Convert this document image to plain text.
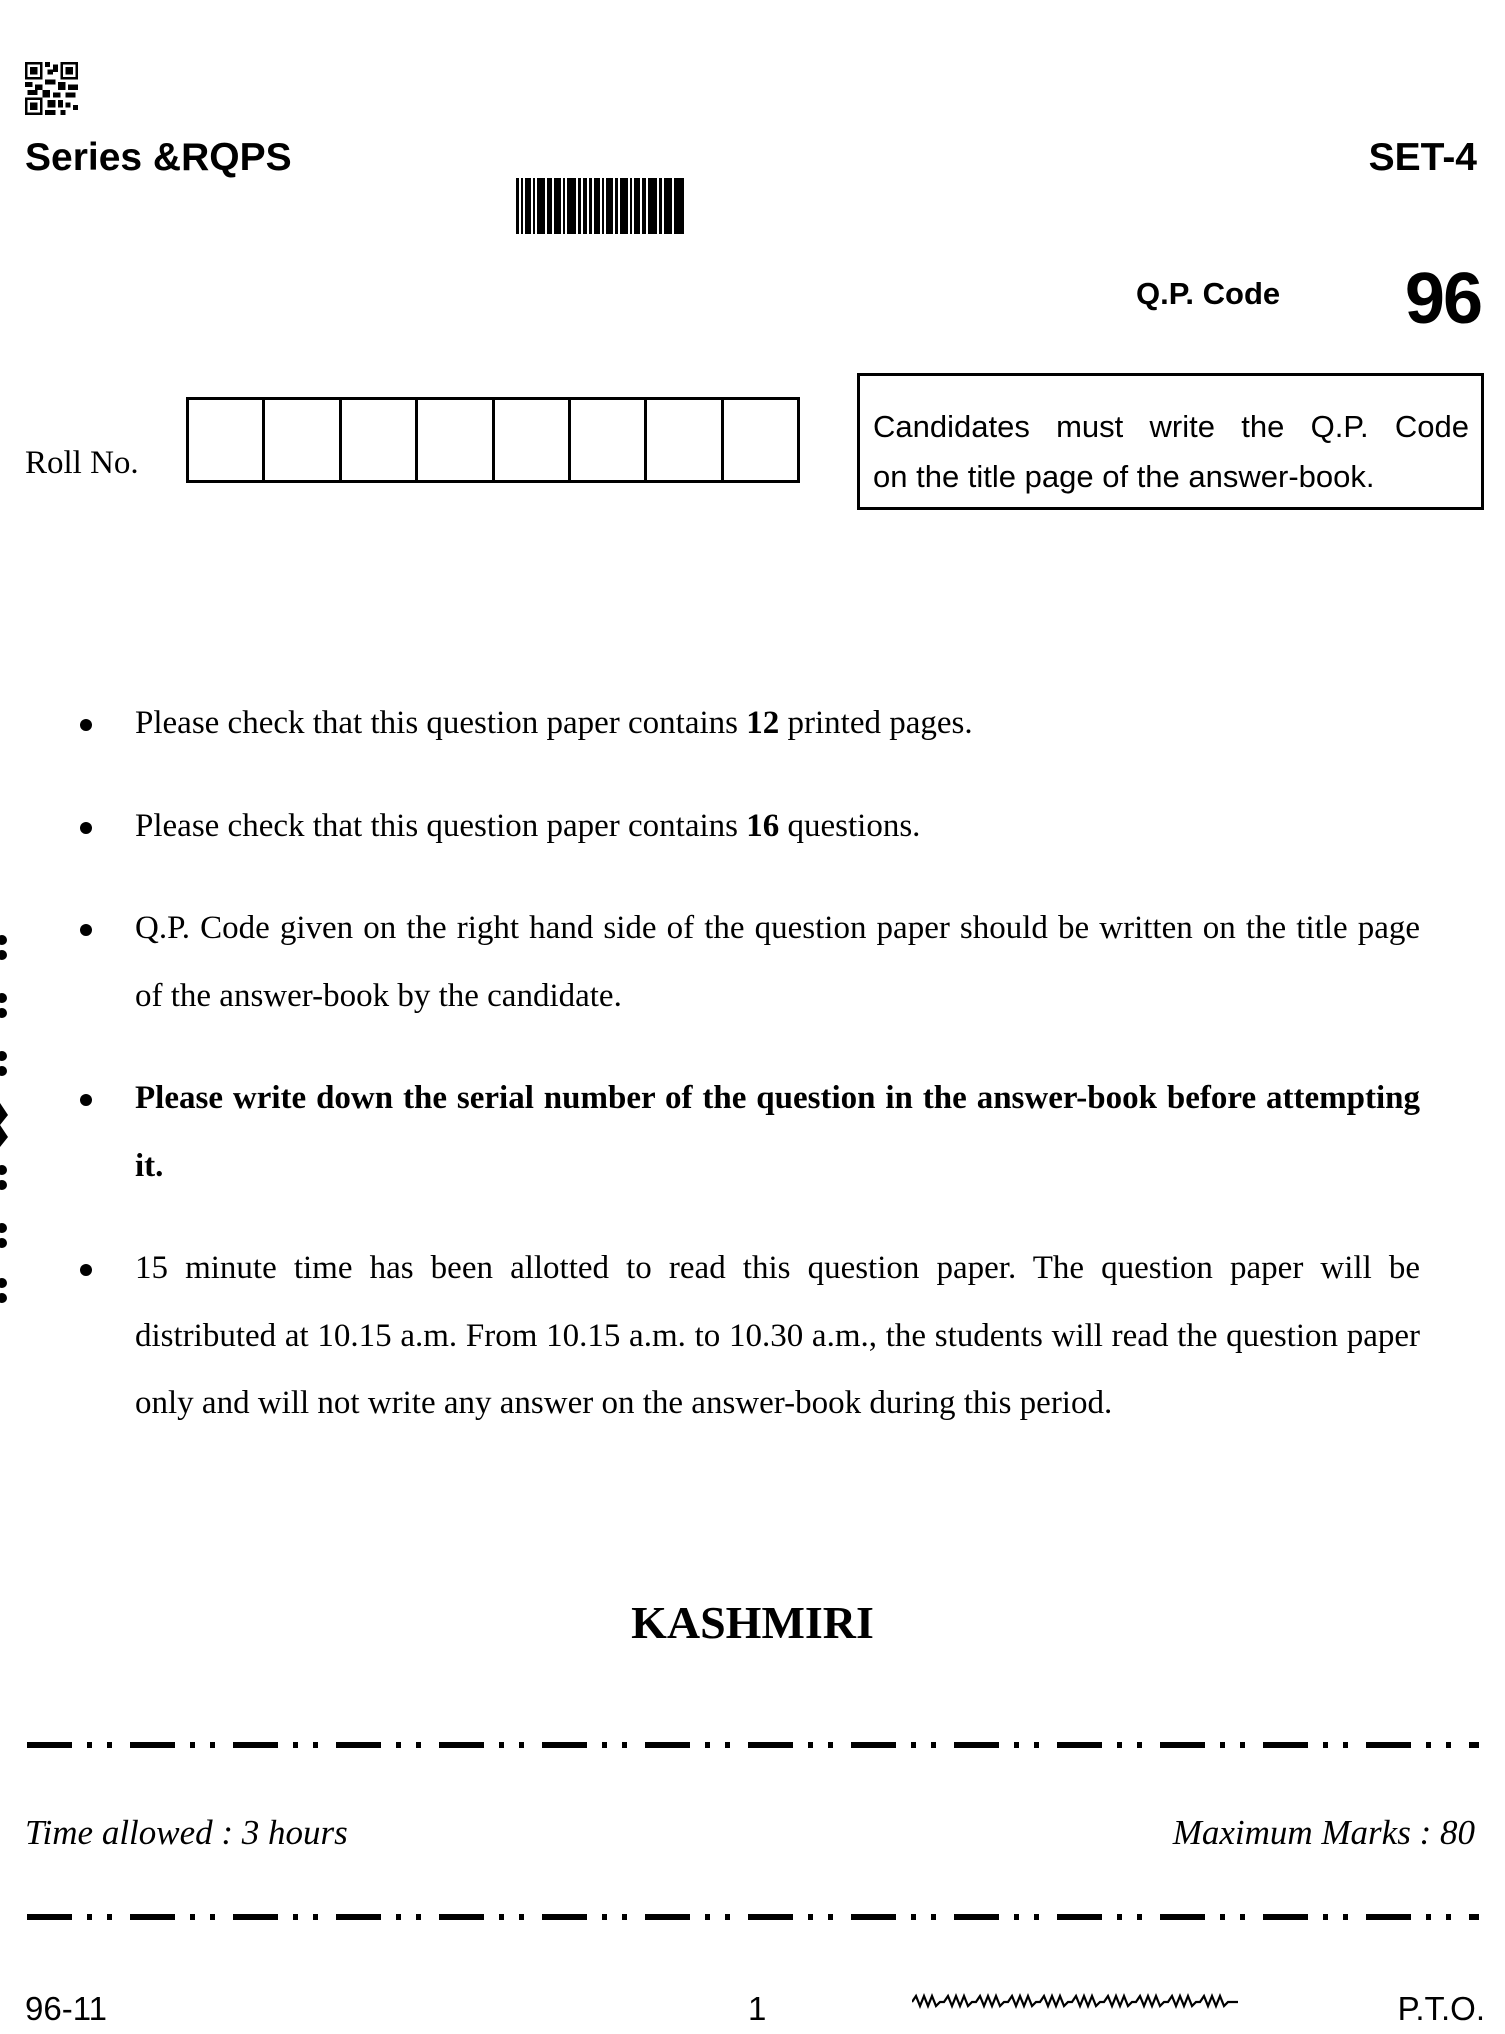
Series &RQPS	SET-4
Q.P. Code 96
Roll No.
Candidates must write the Q.P. Code
on the title page of the answer-book.
Please check that this question paper contains 12 printed pages.
Please check that this question paper contains 16 questions.
Q.P. Code given on the right hand side of the question paper should be written on the title page of the answer-book by the candidate.
Please write down the serial number of the question in the answer-book before attempting it.
15 minute time has been allotted to read this question paper. The question paper will be distributed at 10.15 a.m. From 10.15 a.m. to 10.30 a.m., the students will read the question paper only and will not write any answer on the answer-book during this period.
KASHMIRI
Time allowed : 3 hours	Maximum Marks : 80
96-11	1	P.T.O.
